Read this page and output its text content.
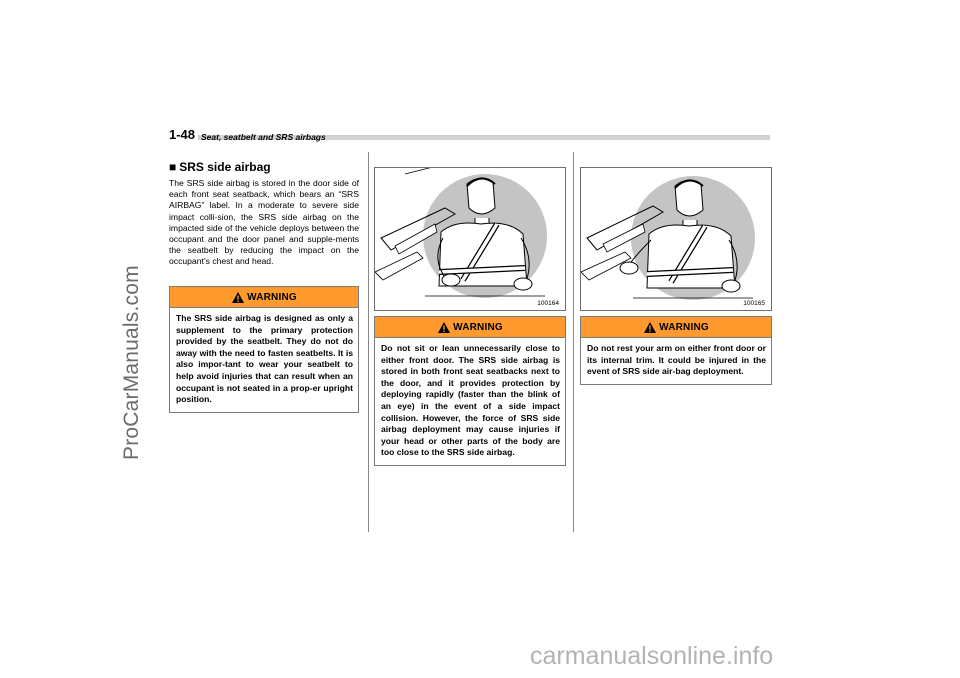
ProCarManuals.com
carmanualsonline.info
1-48 Seat, seatbelt and SRS airbags
■ SRS side airbag
The SRS side airbag is stored in the door side of each front seat seatback, which bears an “SRS AIRBAG” label. In a moderate to severe side impact colli-sion, the SRS side airbag on the impacted side of the vehicle deploys between the occupant and the door panel and supple-ments the seatbelt by reducing the impact on the occupant’s chest and head.
WARNING
The SRS side airbag is designed as only a supplement to the primary protection provided by the seatbelt. They do not do away with the need to fasten seatbelts. It is also impor-tant to wear your seatbelt to help avoid injuries that can result when an occupant is not seated in a prop-er upright position.
100164
WARNING
Do not sit or lean unnecessarily close to either front door. The SRS side airbag is stored in both front seat seatbacks next to the door, and it provides protection by deploying rapidly (faster than the blink of an eye) in the event of a side impact collision. However, the force of SRS side airbag deployment may cause injuries if your head or other parts of the body are too close to the SRS side airbag.
100165
WARNING
Do not rest your arm on either front door or its internal trim. It could be injured in the event of SRS side air-bag deployment.
